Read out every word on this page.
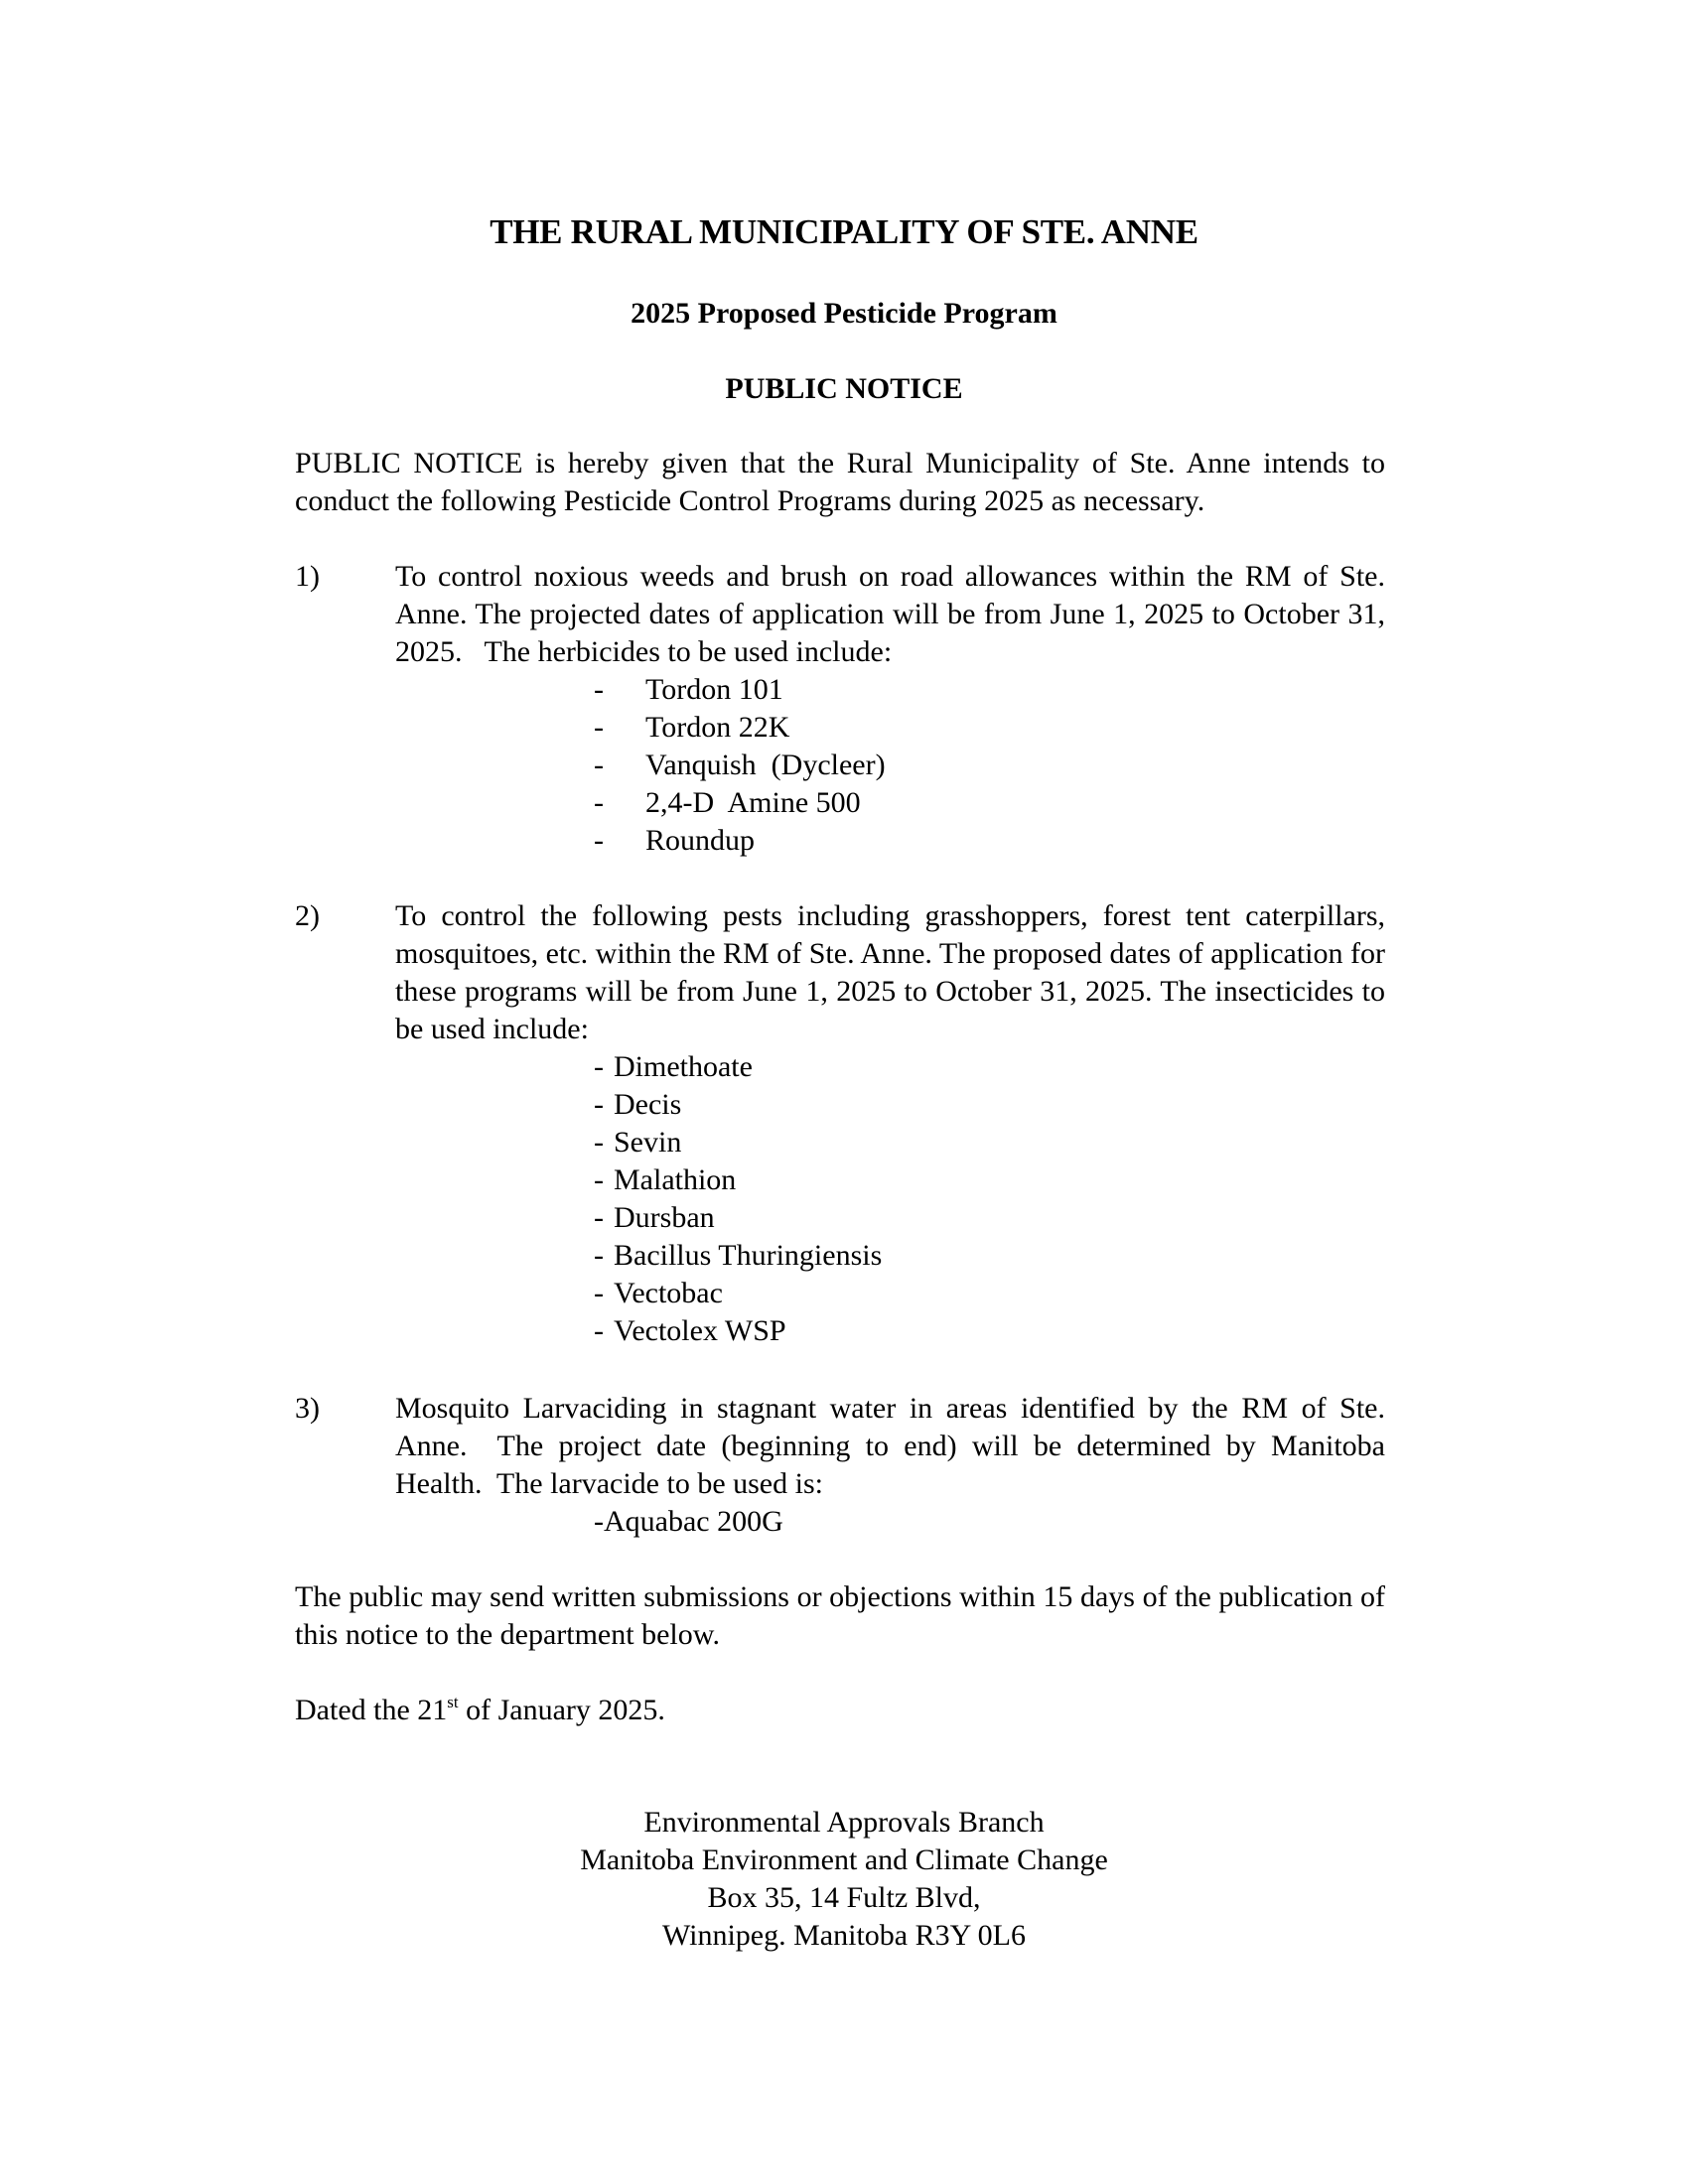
THE RURAL MUNICIPALITY OF STE. ANNE
2025 Proposed Pesticide Program
PUBLIC NOTICE
PUBLIC NOTICE is hereby given that the Rural Municipality of Ste. Anne intends to conduct the following Pesticide Control Programs during 2025 as necessary.
1)	To control noxious weeds and brush on road allowances within the RM of Ste. Anne. The projected dates of application will be from June 1, 2025 to October 31, 2025.   The herbicides to be used include:
- Tordon 101
- Tordon 22K
- Vanquish  (Dycleer)
- 2,4-D  Amine 500
- Roundup
2)	To control the following pests including grasshoppers, forest tent caterpillars, mosquitoes, etc. within the RM of Ste. Anne. The proposed dates of application for these programs will be from June 1, 2025 to October 31, 2025. The insecticides to be used include:
- Dimethoate
- Decis
- Sevin
- Malathion
- Dursban
- Bacillus Thuringiensis
- Vectobac
- Vectolex WSP
3)	Mosquito Larvaciding in stagnant water in areas identified by the RM of Ste. Anne.  The project date (beginning to end) will be determined by Manitoba Health.  The larvacide to be used is:
-Aquabac 200G
The public may send written submissions or objections within 15 days of the publication of this notice to the department below.
Dated the 21st of January 2025.
Environmental Approvals Branch
Manitoba Environment and Climate Change
Box 35, 14 Fultz Blvd,
Winnipeg. Manitoba R3Y 0L6
